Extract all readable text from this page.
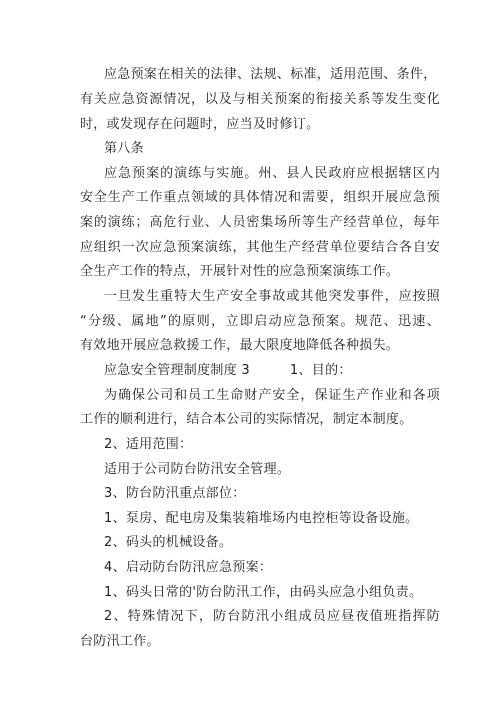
应急预案在相关的法律、法规、标准，适用范围、条件，
有关应急资源情况，以及与相关预案的衔接关系等发生变化
时，或发现存在问题时，应当及时修订。
第八条
应急预案的演练与实施。州、县人民政府应根据辖区内
安全生产工作重点领域的具体情况和需要，组织开展应急预
案的演练；高危行业、人员密集场所等生产经营单位，每年
应组织一次应急预案演练，其他生产经营单位要结合各自安
全生产工作的特点，开展针对性的应急预案演练工作。
一旦发生重特大生产安全事故或其他突发事件，应按照
“分级、属地”的原则，立即启动应急预案。规范、迅速、
有效地开展应急救援工作，最大限度地降低各种损失。
应急安全管理制度制度 3　　　1、目的：
为确保公司和员工生命财产安全，保证生产作业和各项
工作的顺利进行，结合本公司的实际情况，制定本制度。
2、适用范围：
适用于公司防台防汛安全管理。
3、防台防汛重点部位：
1、泵房、配电房及集装箱堆场内电控柜等设备设施。
2、码头的机械设备。
4、启动防台防汛应急预案：
1、码头日常的'防台防汛工作，由码头应急小组负责。
2、特殊情况下，防台防汛小组成员应昼夜值班指挥防
台防汛工作。
